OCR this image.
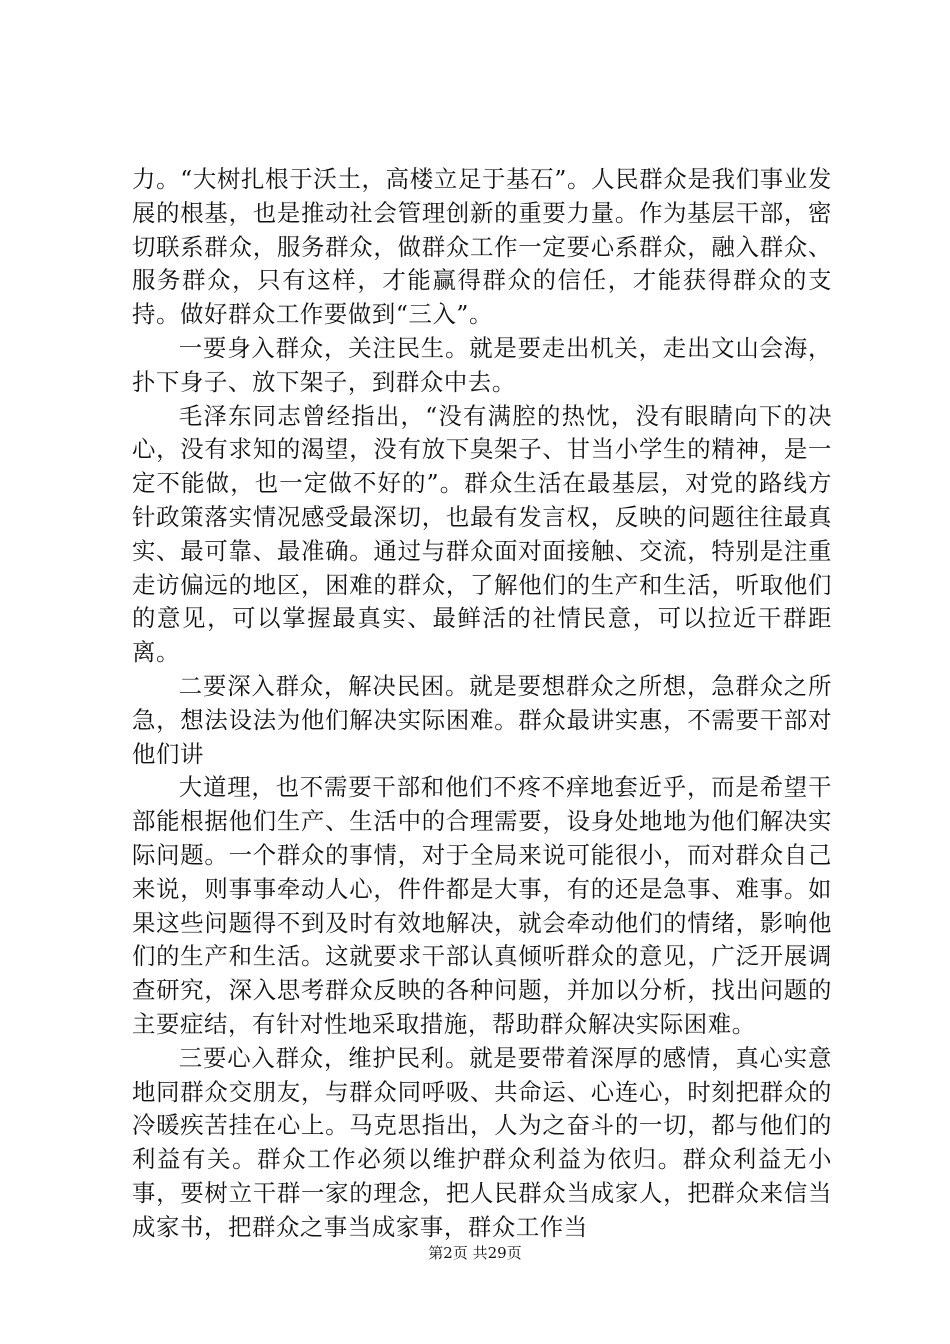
力。“大树扎根于沃土，高楼立足于基石”。人民群众是我们事业发展的根基，也是推动社会管理创新的重要力量。作为基层干部，密切联系群众，服务群众，做群众工作一定要心系群众，融入群众、服务群众，只有这样，才能赢得群众的信任，才能获得群众的支持。做好群众工作要做到“三入”。

一要身入群众，关注民生。就是要走出机关，走出文山会海，扑下身子、放下架子，到群众中去。

毛泽东同志曾经指出，“没有满腔的热忱，没有眼睛向下的决心，没有求知的渴望，没有放下臭架子、甘当小学生的精神，是一定不能做，也一定做不好的”。群众生活在最基层，对党的路线方针政策落实情况感受最深切，也最有发言权，反映的问题往往最真实、最可靠、最准确。通过与群众面对面接触、交流，特别是注重走访偏远的地区，困难的群众，了解他们的生产和生活，听取他们的意见，可以掌握最真实、最鲜活的社情民意，可以拉近干群距离。

二要深入群众，解决民困。就是要想群众之所想，急群众之所急，想法设法为他们解决实际困难。群众最讲实惠，不需要干部对他们讲

大道理，也不需要干部和他们不疼不痒地套近乎，而是希望干部能根据他们生产、生活中的合理需要，设身处地地为他们解决实际问题。一个群众的事情，对于全局来说可能很小，而对群众自己来说，则事事牵动人心，件件都是大事，有的还是急事、难事。如果这些问题得不到及时有效地解决，就会牵动他们的情绪，影响他们的生产和生活。这就要求干部认真倾听群众的意见，广泛开展调查研究，深入思考群众反映的各种问题，并加以分析，找出问题的主要症结，有针对性地采取措施，帮助群众解决实际困难。

三要心入群众，维护民利。就是要带着深厚的感情，真心实意地同群众交朋友，与群众同呼吸、共命运、心连心，时刻把群众的冷暖疾苦挂在心上。马克思指出，人为之奋斗的一切，都与他们的利益有关。群众工作必须以维护群众利益为依归。群众利益无小事，要树立干群一家的理念，把人民群众当成家人，把群众来信当成家书，把群众之事当成家事，群众工作当

第2页 共29页
